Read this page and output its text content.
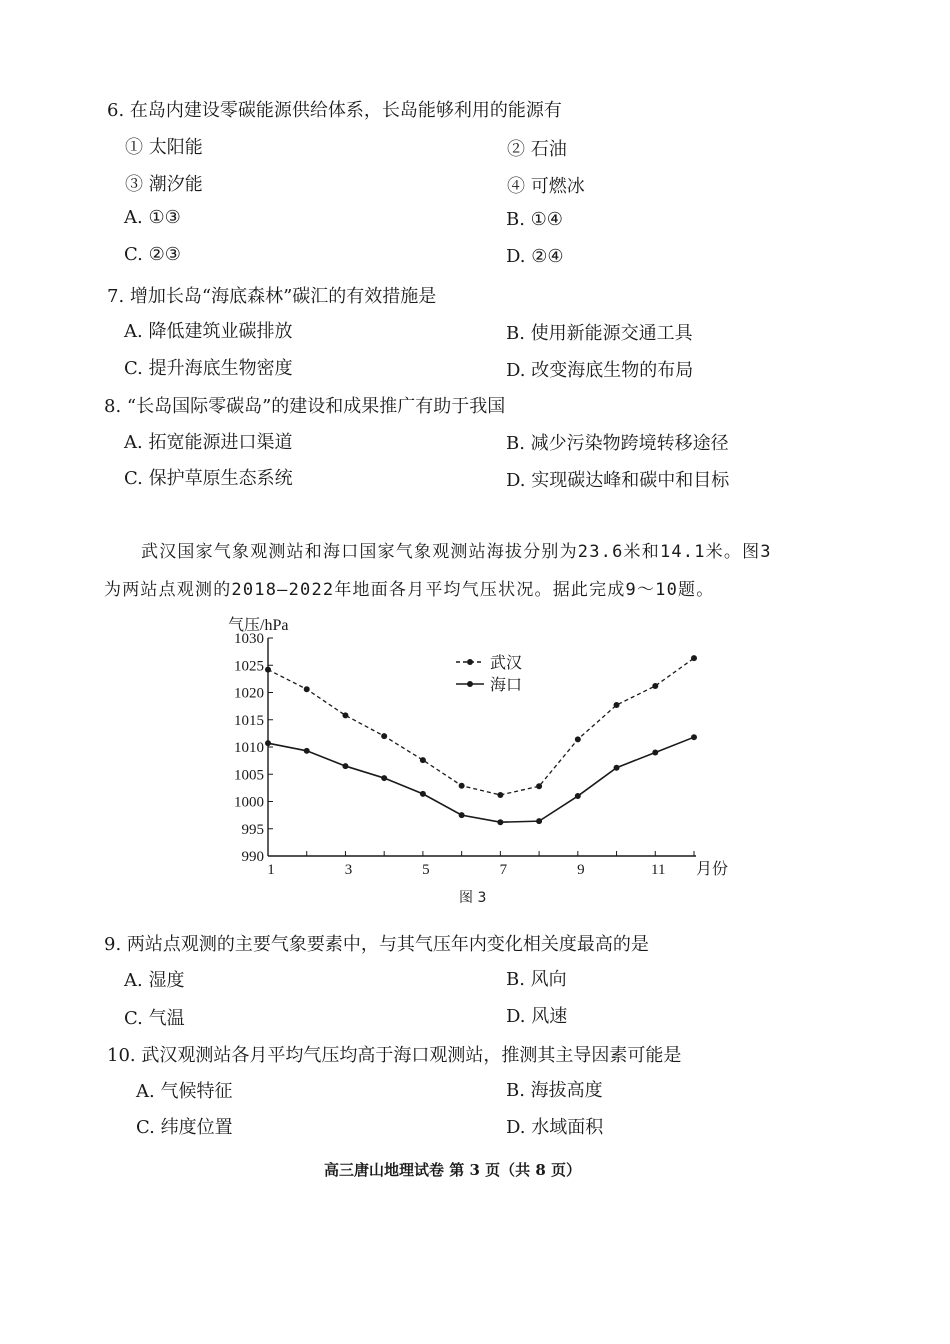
6. 在岛内建设零碳能源供给体系，长岛能够利用的能源有
① 太阳能	② 石油
③ 潮汐能	④ 可燃冰
A. ①③	B. ①④
C. ②③	D. ②④
7. 增加长岛“海底森林”碳汇的有效措施是
A. 降低建筑业碳排放	B. 使用新能源交通工具
C. 提升海底生物密度	D. 改变海底生物的布局
8. “长岛国际零碳岛”的建设和成果推广有助于我国
A. 拓宽能源进口渠道	B. 减少污染物跨境转移途径
C. 保护草原生态系统	D. 实现碳达峰和碳中和目标
武汉国家气象观测站和海口国家气象观测站海拔分别为23.6米和14.1米。图3
为两站点观测的2018—2022年地面各月平均气压状况。据此完成9～10题。
990
995
1000
1005
1010
1015
1020
1025
1030
1	3	5	7	9	11
气压/hPa
月份
武汉
海口
图 3
9. 两站点观测的主要气象要素中，与其气压年内变化相关度最高的是
A. 湿度	B. 风向
C. 气温	D. 风速
10. 武汉观测站各月平均气压均高于海口观测站，推测其主导因素可能是
A. 气候特征	B. 海拔高度
C. 纬度位置	D. 水域面积
高三唐山地理试卷 第 3 页（共 8 页）
